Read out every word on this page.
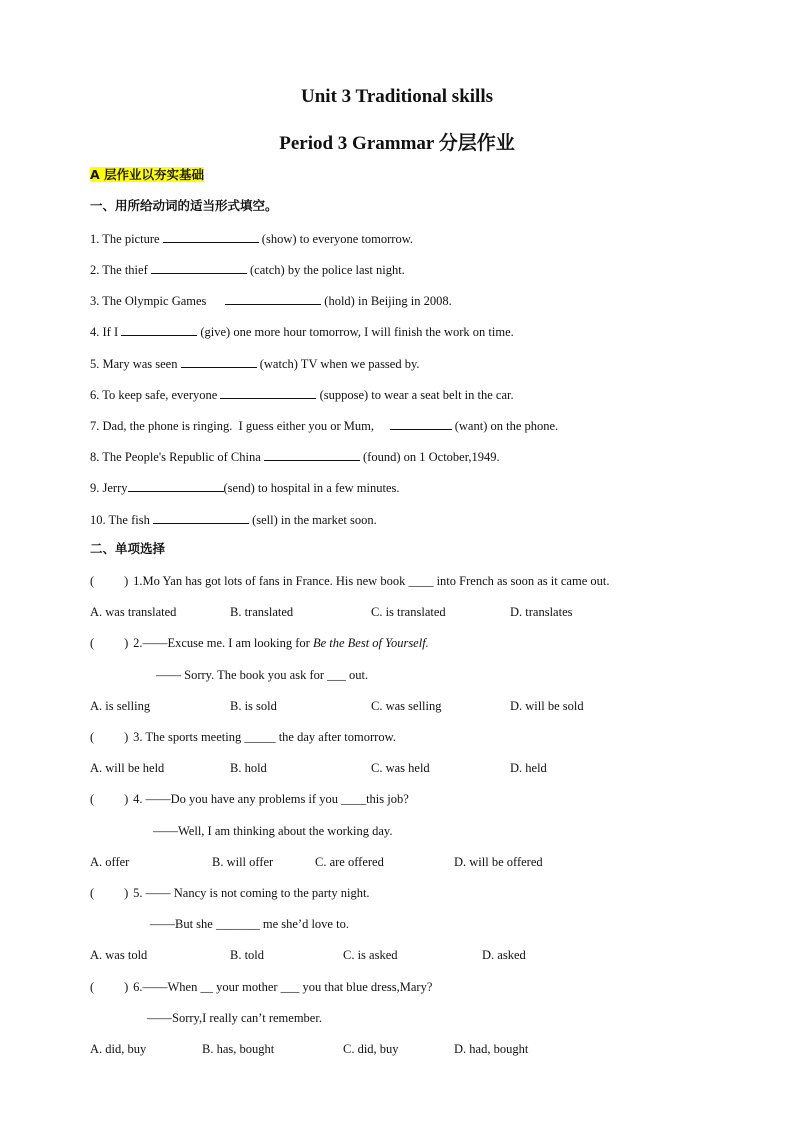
Unit 3 Traditional skills
Period 3 Grammar 分层作业
A 层作业以夯实基础
一、用所给动词的适当形式填空。
1. The picture	(show) to everyone tomorrow.
2. The thief	(catch) by the police last night.
3. The Olympic Games	(hold) in Beijing in 2008.
4. If I	(give) one more hour tomorrow, I will finish the work on time.
5. Mary was seen	(watch) TV when we passed by.
6. To keep safe, everyone	(suppose) to wear a seat belt in the car.
7. Dad, the phone is ringing.  I guess either you or Mum,	(want) on the phone.
8. The People's Republic of China	(found) on 1 October,1949.
9. Jerry	(send) to hospital in a few minutes.
10. The fish	(sell) in the market soon.
二、单项选择
( ) 1.Mo Yan has got lots of fans in France. His new book ____ into French as soon as it came out.
A. was translated	B. translated	C. is translated	D. translates
( ) 2.——Excuse me. I am looking for Be the Best of Yourself.
—— Sorry. The book you ask for ___ out.
A. is selling	B. is sold	C. was selling	D. will be sold
( ) 3. The sports meeting _____ the day after tomorrow.
A. will be held	B. hold	C. was held	D. held
( ) 4. ——Do you have any problems if you ____this job?
——Well, I am thinking about the working day.
A. offer	B. will offer	C. are offered	D. will be offered
( ) 5. —— Nancy is not coming to the party night.
——But she _______ me she’d love to.
A. was told	B. told	C. is asked	D. asked
( ) 6.——When __ your mother ___ you that blue dress,Mary?
——Sorry,I really can’t remember.
A. did, buy	B. has, bought	C. did, buy	D. had, bought
